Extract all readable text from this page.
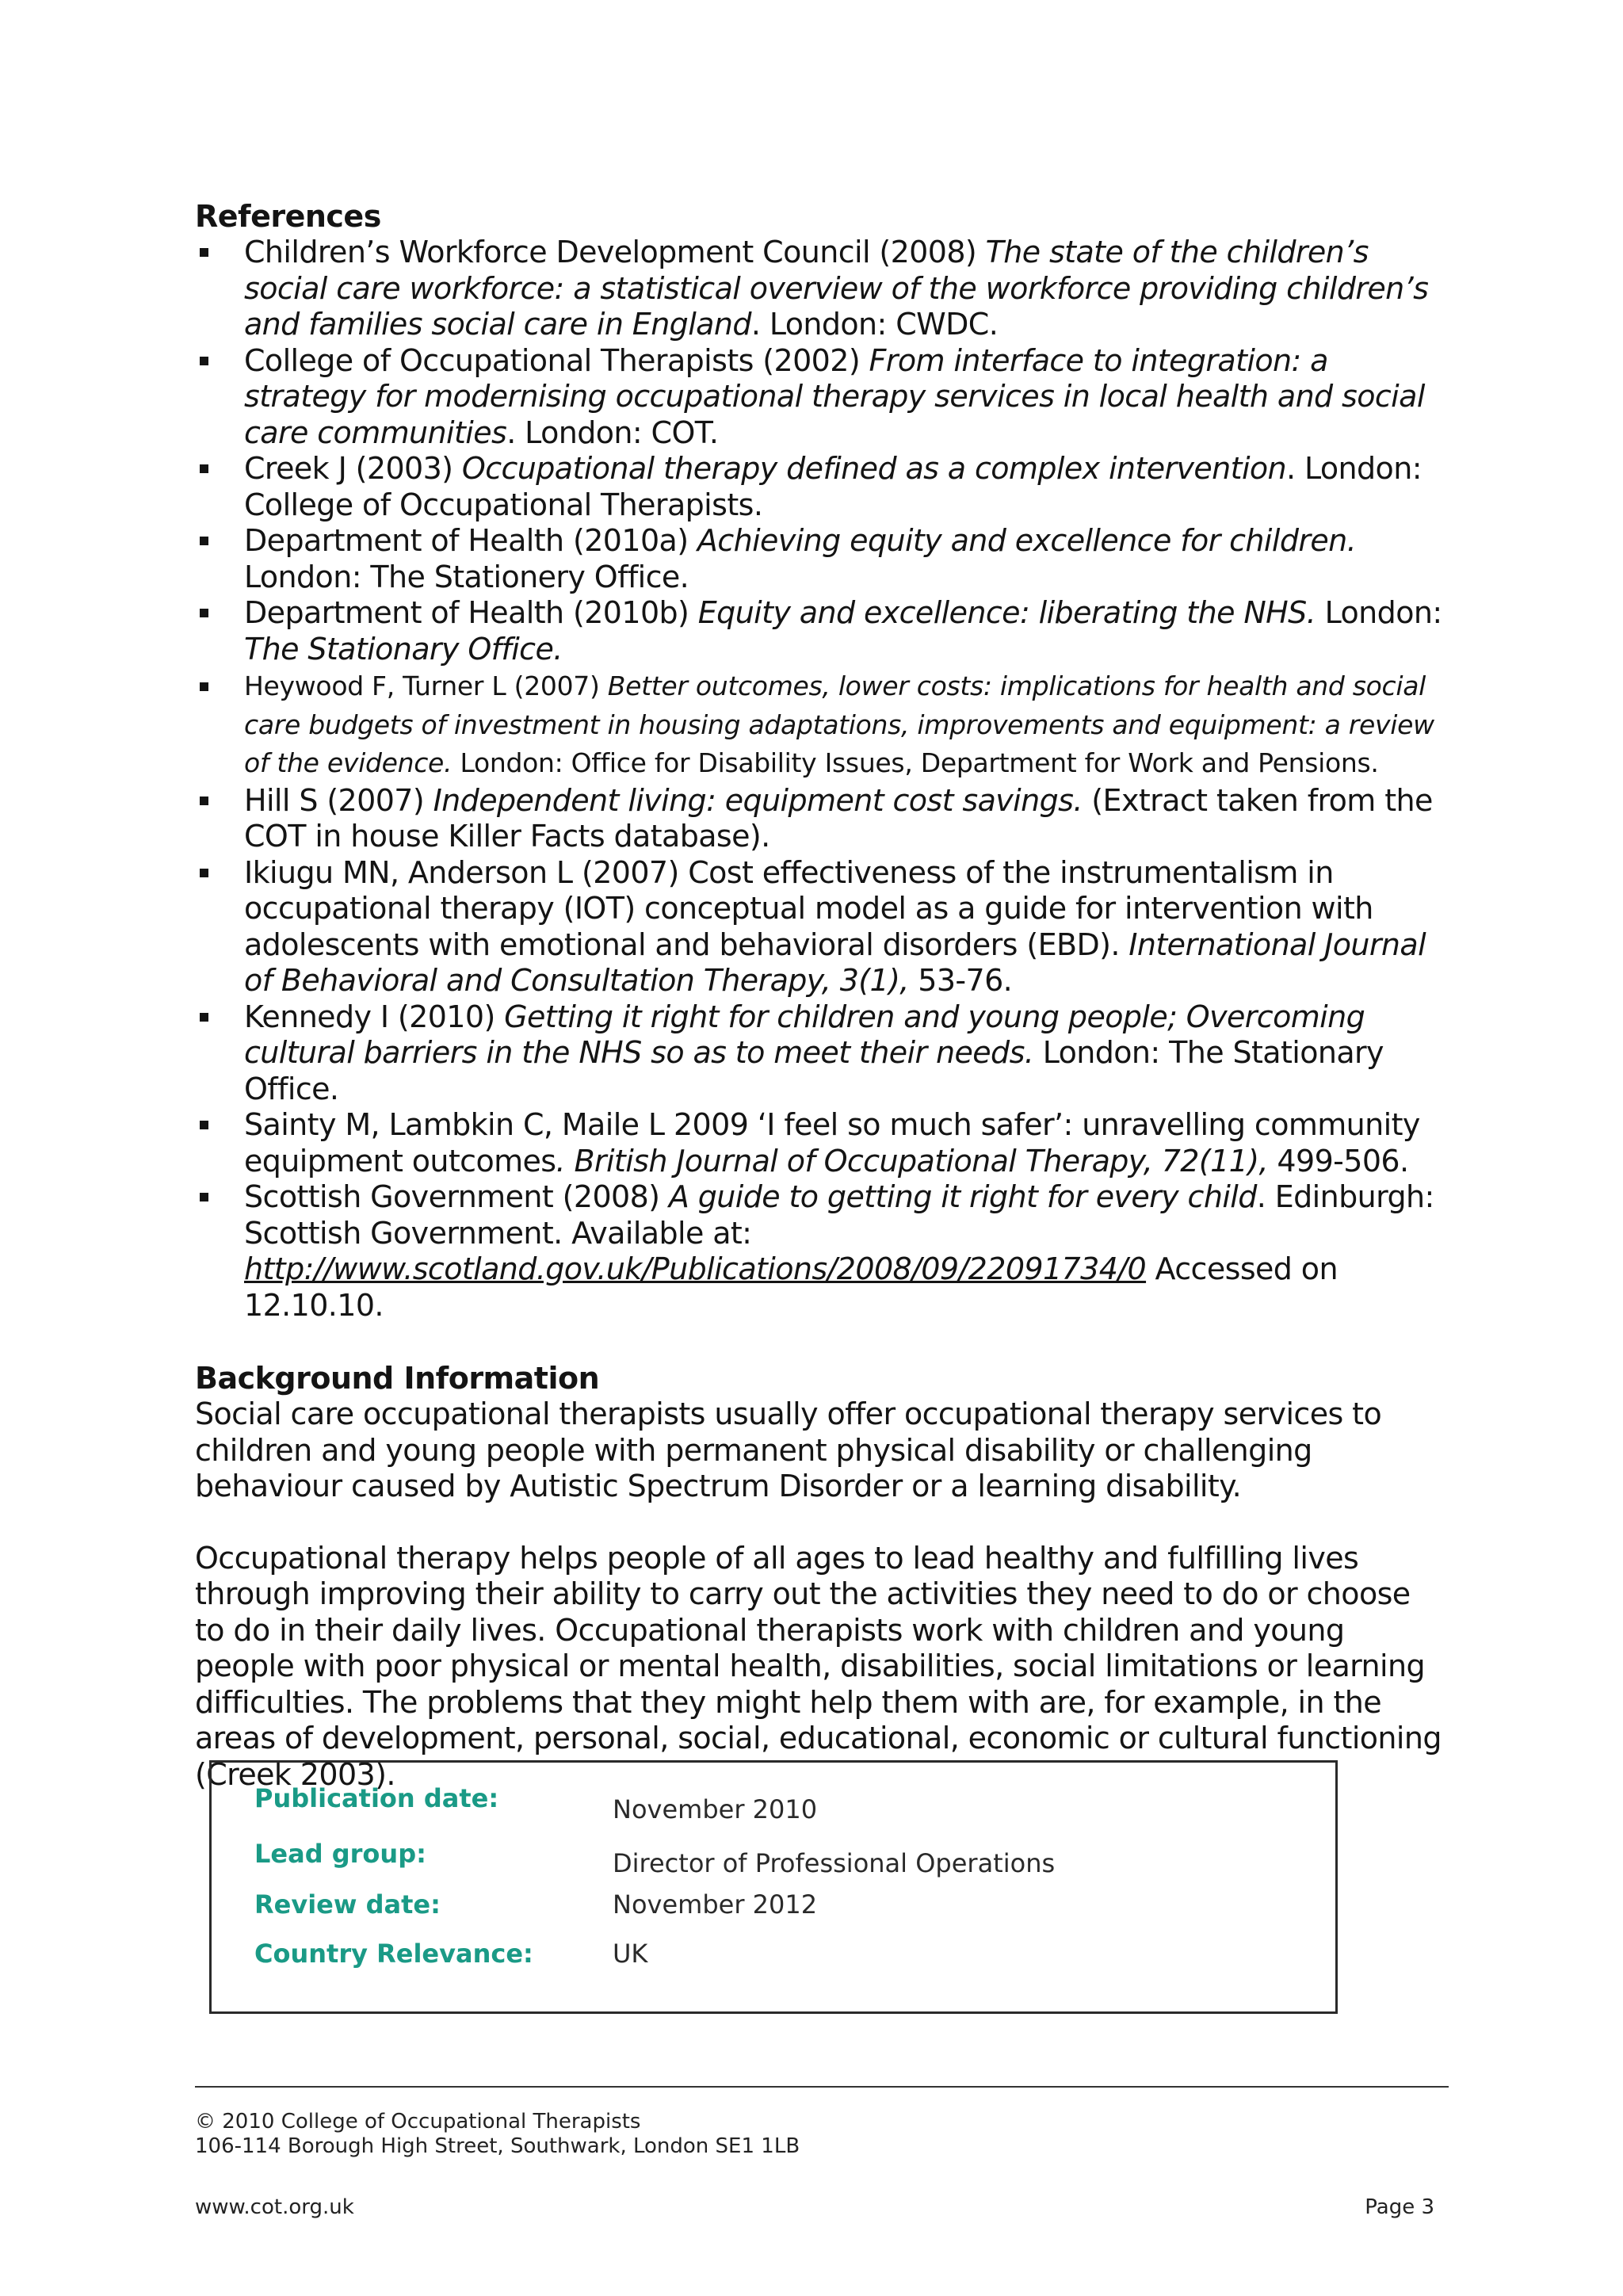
References
Children’s Workforce Development Council (2008) The state of the children’s social care workforce: a statistical overview of the workforce providing children’s and families social care in England. London: CWDC.
College of Occupational Therapists (2002) From interface to integration: a strategy for modernising occupational therapy services in local health and social care communities. London: COT.
Creek J (2003) Occupational therapy defined as a complex intervention. London: College of Occupational Therapists.
Department of Health (2010a) Achieving equity and excellence for children. London: The Stationery Office.
Department of Health (2010b) Equity and excellence: liberating the NHS. London: The Stationary Office.
Heywood F, Turner L (2007) Better outcomes, lower costs: implications for health and social care budgets of investment in housing adaptations, improvements and equipment: a review of the evidence. London: Office for Disability Issues, Department for Work and Pensions.
Hill S (2007) Independent living: equipment cost savings. (Extract taken from the COT in house Killer Facts database).
Ikiugu MN, Anderson L (2007) Cost effectiveness of the instrumentalism in occupational therapy (IOT) conceptual model as a guide for intervention with adolescents with emotional and behavioral disorders (EBD). International Journal of Behavioral and Consultation Therapy, 3(1), 53-76.
Kennedy I (2010) Getting it right for children and young people; Overcoming cultural barriers in the NHS so as to meet their needs. London: The Stationary Office.
Sainty M, Lambkin C, Maile L 2009 ‘I feel so much safer’: unravelling community equipment outcomes. British Journal of Occupational Therapy, 72(11), 499-506.
Scottish Government (2008) A guide to getting it right for every child. Edinburgh: Scottish Government. Available at: http://www.scotland.gov.uk/Publications/2008/09/22091734/0 Accessed on 12.10.10.
Background Information

Social care occupational therapists usually offer occupational therapy services to children and young people with permanent physical disability or challenging behaviour caused by Autistic Spectrum Disorder or a learning disability.

Occupational therapy helps people of all ages to lead healthy and fulfilling lives through improving their ability to carry out the activities they need to do or choose to do in their daily lives. Occupational therapists work with children and young people with poor physical or mental health, disabilities, social limitations or learning difficulties. The problems that they might help them with are, for example, in the areas of development, personal, social, educational, economic or cultural functioning (Creek 2003).

Publication date:	November 2010
Lead group:	Director of Professional Operations
Review date:	November 2012
Country Relevance:	UK
© 2010 College of Occupational Therapists
106-114 Borough High Street, Southwark, London SE1 1LB
www.cot.org.uk	Page 3
